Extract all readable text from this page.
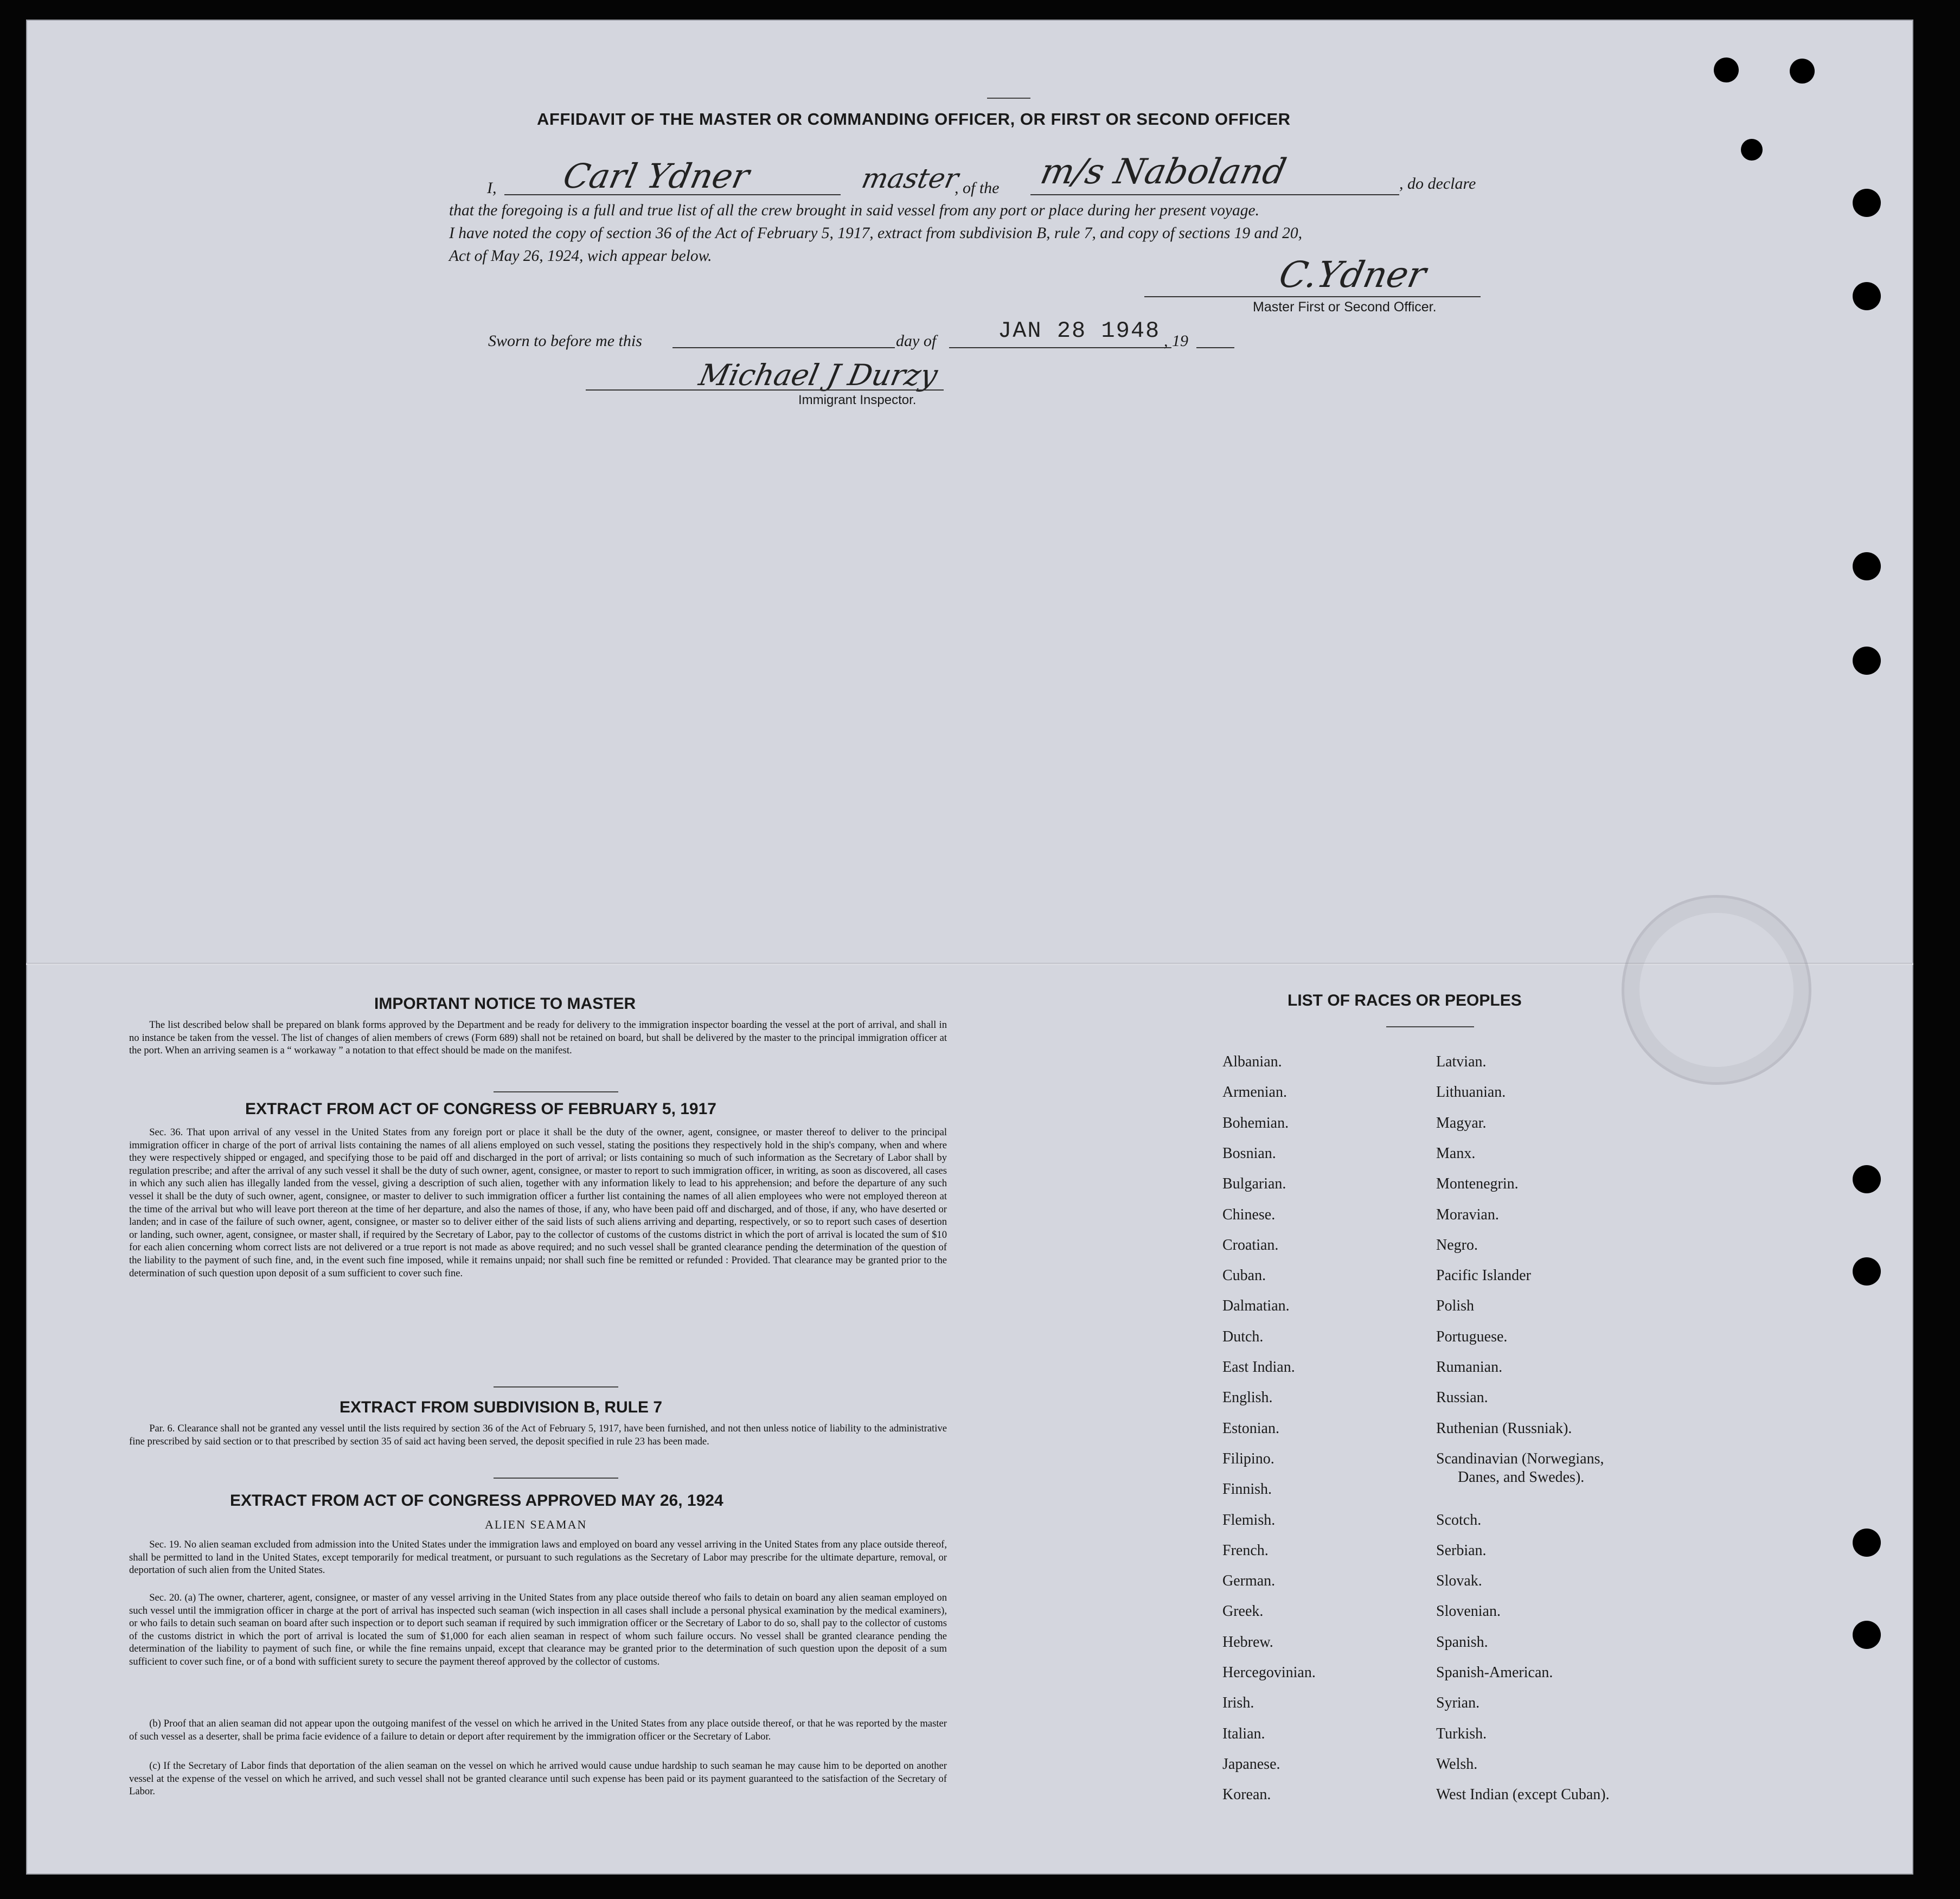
AFFIDAVIT OF THE MASTER OR COMMANDING OFFICER, OR FIRST OR SECOND OFFICER
I, Carl Ydner	master
, of the m/s Naboland	, do declare
that the foregoing is a full and true list of all the crew brought in said vessel from any port or place during her present voyage.
I have noted the copy of section 36 of the Act of February 5, 1917, extract from subdivision B, rule 7, and copy of sections 19 and 20,
Act of May 26, 1924, wich appear below.	C.Ydner
Master First or Second Officer.
Sworn to before me this	day of	JAN 28 1948 , 19
Michael J Durzy
Immigrant Inspector.
IMPORTANT NOTICE TO MASTER
The list described below shall be prepared on blank forms approved by the Department and be ready for delivery to the immigration inspector boarding the vessel at the port of arrival, and shall in no instance be taken from the vessel. The list of changes of alien members of crews (Form 689) shall not be retained on board, but shall be delivered by the master to the principal immigration officer at the port. When an arriving seamen is a “ workaway ” a notation to that effect should be made on the manifest.
EXTRACT FROM ACT OF CONGRESS OF FEBRUARY 5, 1917
Sec. 36. That upon arrival of any vessel in the United States from any foreign port or place it shall be the duty of the owner, agent, consignee, or master thereof to deliver to the principal immigration officer in charge of the port of arrival lists containing the names of all aliens employed on such vessel, stating the positions they respectively hold in the ship's company, when and where they were respectively shipped or engaged, and specifying those to be paid off and discharged in the port of arrival; or lists containing so much of such information as the Secretary of Labor shall by regulation prescribe; and after the arrival of any such vessel it shall be the duty of such owner, agent, consignee, or master to report to such immigration officer, in writing, as soon as discovered, all cases in which any such alien has illegally landed from the vessel, giving a description of such alien, together with any information likely to lead to his apprehension; and before the departure of any such vessel it shall be the duty of such owner, agent, consignee, or master to deliver to such immigration officer a further list containing the names of all alien employees who were not employed thereon at the time of the arrival but who will leave port thereon at the time of her departure, and also the names of those, if any, who have been paid off and discharged, and of those, if any, who have deserted or landen; and in case of the failure of such owner, agent, consignee, or master so to deliver either of the said lists of such aliens arriving and departing, respectively, or so to report such cases of desertion or landing, such owner, agent, consignee, or master shall, if required by the Secretary of Labor, pay to the collector of customs of the customs district in which the port of arrival is located the sum of $10 for each alien concerning whom correct lists are not delivered or a true report is not made as above required; and no such vessel shall be granted clearance pending the determination of the question of the liability to the payment of such fine, and, in the event such fine imposed, while it remains unpaid; nor shall such fine be remitted or refunded : Provided. That clearance may be granted prior to the determination of such question upon deposit of a sum sufficient to cover such fine.
EXTRACT FROM SUBDIVISION B, RULE 7
Par. 6. Clearance shall not be granted any vessel until the lists required by section 36 of the Act of February 5, 1917, have been furnished, and not then unless notice of liability to the administrative fine prescribed by said section or to that prescribed by section 35 of said act having been served, the deposit specified in rule 23 has been made.
EXTRACT FROM ACT OF CONGRESS APPROVED MAY 26, 1924
ALIEN SEAMAN
Sec. 19. No alien seaman excluded from admission into the United States under the immigration laws and employed on board any vessel arriving in the United States from any place outside thereof, shall be permitted to land in the United States, except temporarily for medical treatment, or pursuant to such regulations as the Secretary of Labor may prescribe for the ultimate departure, removal, or deportation of such alien from the United States.
Sec. 20. (a) The owner, charterer, agent, consignee, or master of any vessel arriving in the United States from any place outside thereof who fails to detain on board any alien seaman employed on such vessel until the immigration officer in charge at the port of arrival has inspected such seaman (wich inspection in all cases shall include a personal physical examination by the medical examiners), or who fails to detain such seaman on board after such inspection or to deport such seaman if required by such immigration officer or the Secretary of Labor to do so, shall pay to the collector of customs of the customs district in which the port of arrival is located the sum of $1,000 for each alien seaman in respect of whom such failure occurs. No vessel shall be granted clearance pending the determination of the liability to payment of such fine, or while the fine remains unpaid, except that clearance may be granted prior to the determination of such question upon the deposit of a sum sufficient to cover such fine, or of a bond with sufficient surety to secure the payment thereof approved by the collector of customs.
(b) Proof that an alien seaman did not appear upon the outgoing manifest of the vessel on which he arrived in the United States from any place outside thereof, or that he was reported by the master of such vessel as a deserter, shall be prima facie evidence of a failure to detain or deport after requirement by the immigration officer or the Secretary of Labor.
(c) If the Secretary of Labor finds that deportation of the alien seaman on the vessel on which he arrived would cause undue hardship to such seaman he may cause him to be deported on another vessel at the expense of the vessel on which he arrived, and such vessel shall not be granted clearance until such expense has been paid or its payment guaranteed to the satisfaction of the Secretary of Labor.
LIST OF RACES OR PEOPLES
Albanian.
Armenian.
Bohemian.
Bosnian.
Bulgarian.
Chinese.
Croatian.
Cuban.
Dalmatian.
Dutch.
East Indian.
English.
Estonian.
Filipino.
Finnish.
Flemish.
French.
German.
Greek.
Hebrew.
Hercegovinian.
Irish.
Italian.
Japanese.
Korean.
Latvian.
Lithuanian.
Magyar.
Manx.
Montenegrin.
Moravian.
Negro.
Pacific Islander
Polish
Portuguese.
Rumanian.
Russian.
Ruthenian (Russniak).
Scandinavian (Norwegians,
Danes, and Swedes).
Scotch.
Serbian.
Slovak.
Slovenian.
Spanish.
Spanish-American.
Syrian.
Turkish.
Welsh.
West Indian (except Cuban).
